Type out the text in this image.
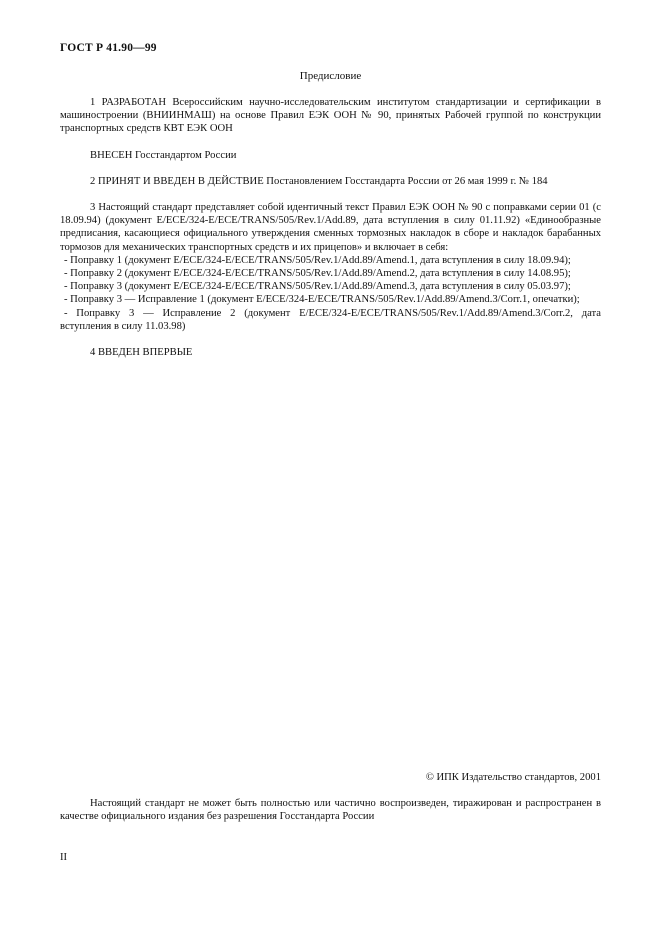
ГОСТ Р 41.90—99
Предисловие

1 РАЗРАБОТАН Всероссийским научно-исследовательским институтом стандартизации и сертификации в машиностроении (ВНИИНМАШ) на основе Правил ЕЭК ООН № 90, принятых Рабочей группой по конструкции транспортных средств КВТ ЕЭК ООН

ВНЕСЕН Госстандартом России

2 ПРИНЯТ И ВВЕДЕН В ДЕЙСТВИЕ Постановлением Госстандарта России от 26 мая 1999 г. № 184

3 Настоящий стандарт представляет собой идентичный текст Правил ЕЭК ООН № 90 с поправками серии 01 (с 18.09.94) (документ E/ECE/324-E/ECE/TRANS/505/Rev.1/Add.89, дата вступления в силу 01.11.92) «Единообразные предписания, касающиеся официального утверждения сменных тормозных накладок в сборе и накладок барабанных тормозов для механических транспортных средств и их прицепов» и включает в себя:

- Поправку 1 (документ E/ECE/324-E/ECE/TRANS/505/Rev.1/Add.89/Amend.1, дата вступления в силу 18.09.94);

- Поправку 2 (документ E/ECE/324-E/ECE/TRANS/505/Rev.1/Add.89/Amend.2, дата вступления в силу 14.08.95);

- Поправку 3 (документ E/ECE/324-E/ECE/TRANS/505/Rev.1/Add.89/Amend.3, дата вступления в силу 05.03.97);

- Поправку 3 — Исправление 1 (документ E/ECE/324-E/ECE/TRANS/505/Rev.1/Add.89/Amend.3/Corr.1, опечатки);

- Поправку 3 — Исправление 2 (документ E/ECE/324-E/ECE/TRANS/505/Rev.1/Add.89/Amend.3/Corr.2, дата вступления в силу 11.03.98)

4 ВВЕДЕН ВПЕРВЫЕ

© ИПК Издательство стандартов, 2001

Настоящий стандарт не может быть полностью или частично воспроизведен, тиражирован и распространен в качестве официального издания без разрешения Госстандарта России

II
